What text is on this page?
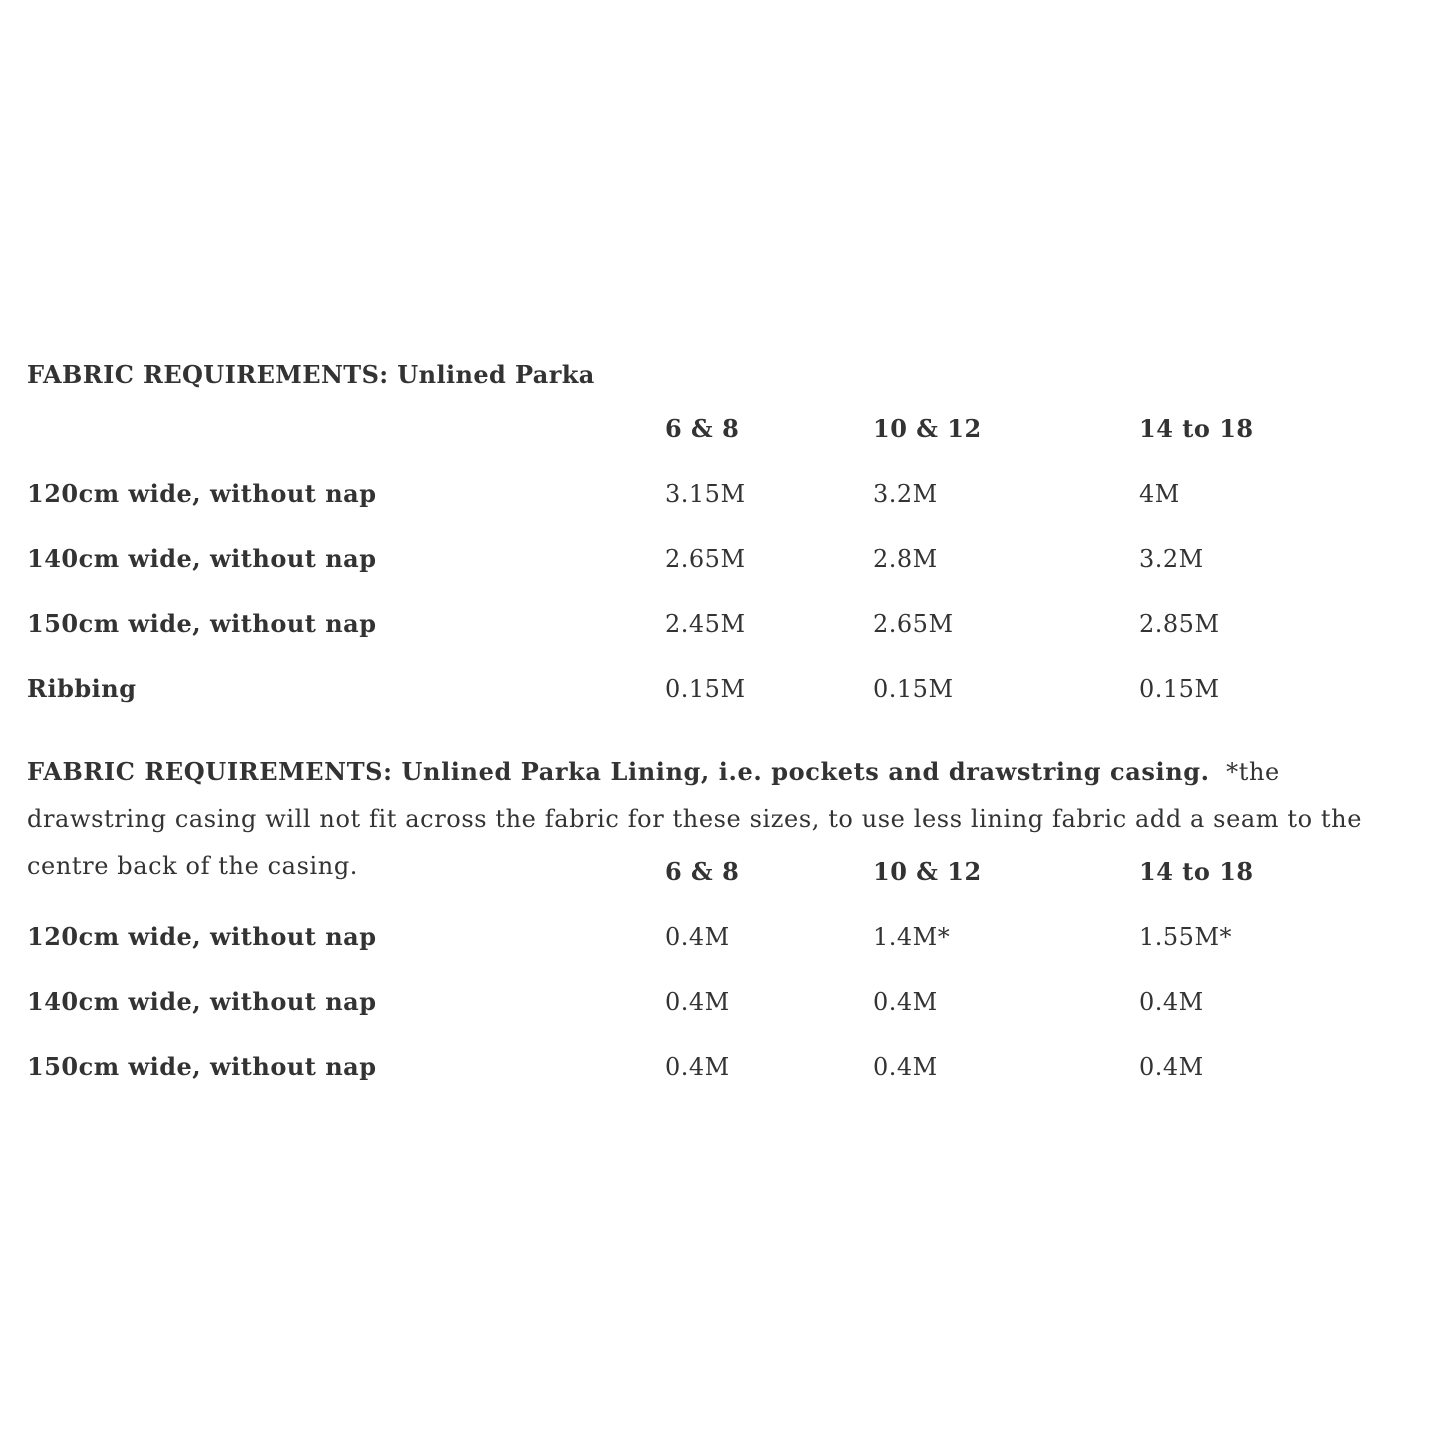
FABRIC REQUIREMENTS: Unlined Parka

6 & 8	10 & 12	14 to 18
120cm wide, without nap	3.15M	3.2M	4M
140cm wide, without nap	2.65M	2.8M	3.2M
150cm wide, without nap	2.45M	2.65M	2.85M
Ribbing	0.15M	0.15M	0.15M

FABRIC REQUIREMENTS: Unlined Parka Lining, i.e. pockets and drawstring casing. *the drawstring casing will not fit across the fabric for these sizes, to use less lining fabric add a seam to the centre back of the casing.	6 & 8	10 & 12	14 to 18
120cm wide, without nap	0.4M	1.4M*	1.55M*
140cm wide, without nap	0.4M	0.4M	0.4M
150cm wide, without nap	0.4M	0.4M	0.4M
